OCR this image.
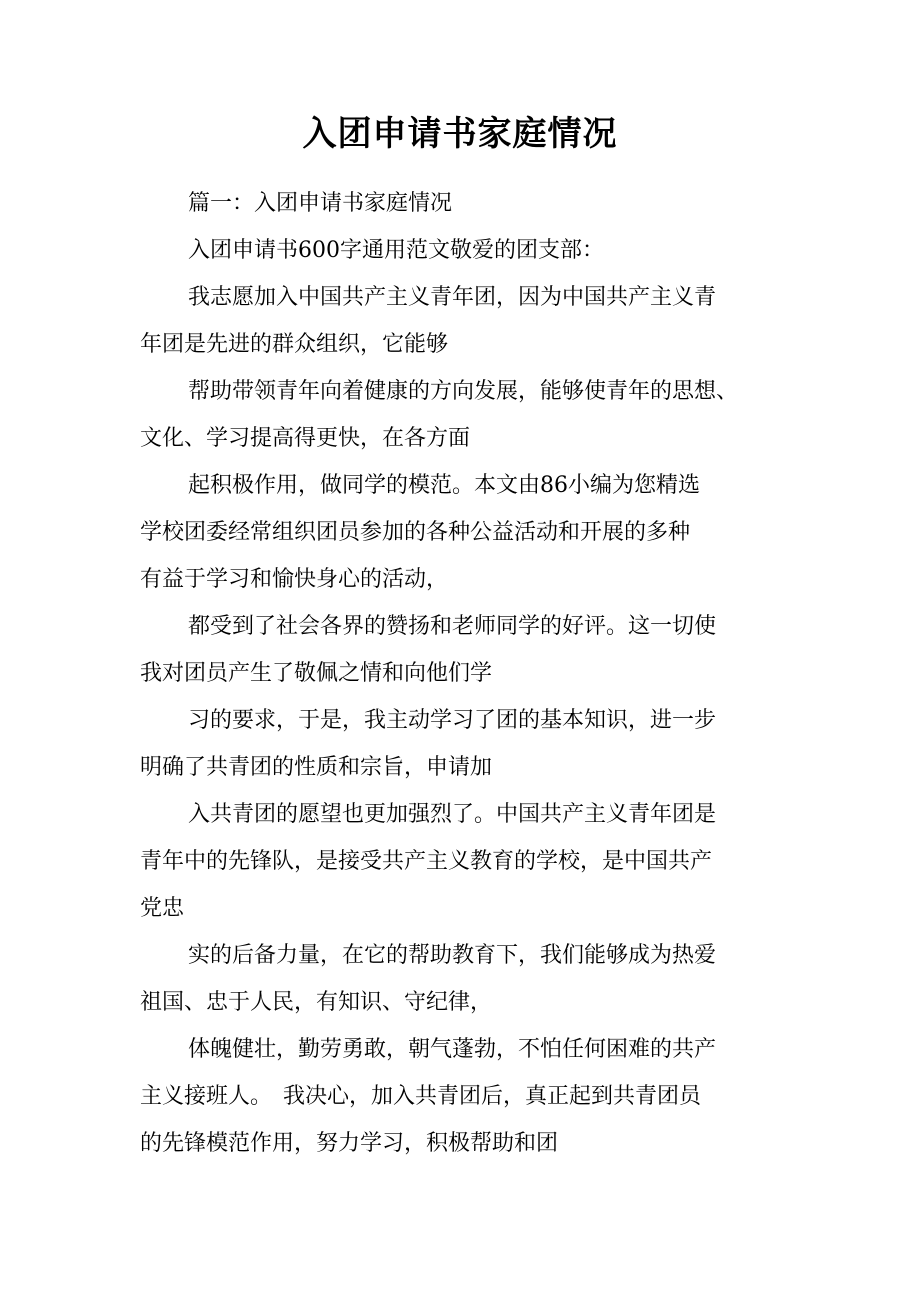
入团申请书家庭情况

篇一：入团申请书家庭情况

入团申请书600字通用范文敬爱的团支部：

我志愿加入中国共产主义青年团，因为中国共产主义青
年团是先进的群众组织，它能够

帮助带领青年向着健康的方向发展，能够使青年的思想、
文化、学习提高得更快，在各方面

起积极作用，做同学的模范。本文由86小编为您精选
学校团委经常组织团员参加的各种公益活动和开展的多种
有益于学习和愉快身心的活动，

都受到了社会各界的赞扬和老师同学的好评。这一切使
我对团员产生了敬佩之情和向他们学

习的要求，于是，我主动学习了团的基本知识，进一步
明确了共青团的性质和宗旨，申请加

入共青团的愿望也更加强烈了。中国共产主义青年团是
青年中的先锋队，是接受共产主义教育的学校，是中国共产
党忠

实的后备力量，在它的帮助教育下，我们能够成为热爱
祖国、忠于人民，有知识、守纪律，

体魄健壮，勤劳勇敢，朝气蓬勃，不怕任何困难的共产
主义接班人。　我决心，加入共青团后，真正起到共青团员
的先锋模范作用，努力学习，积极帮助和团
